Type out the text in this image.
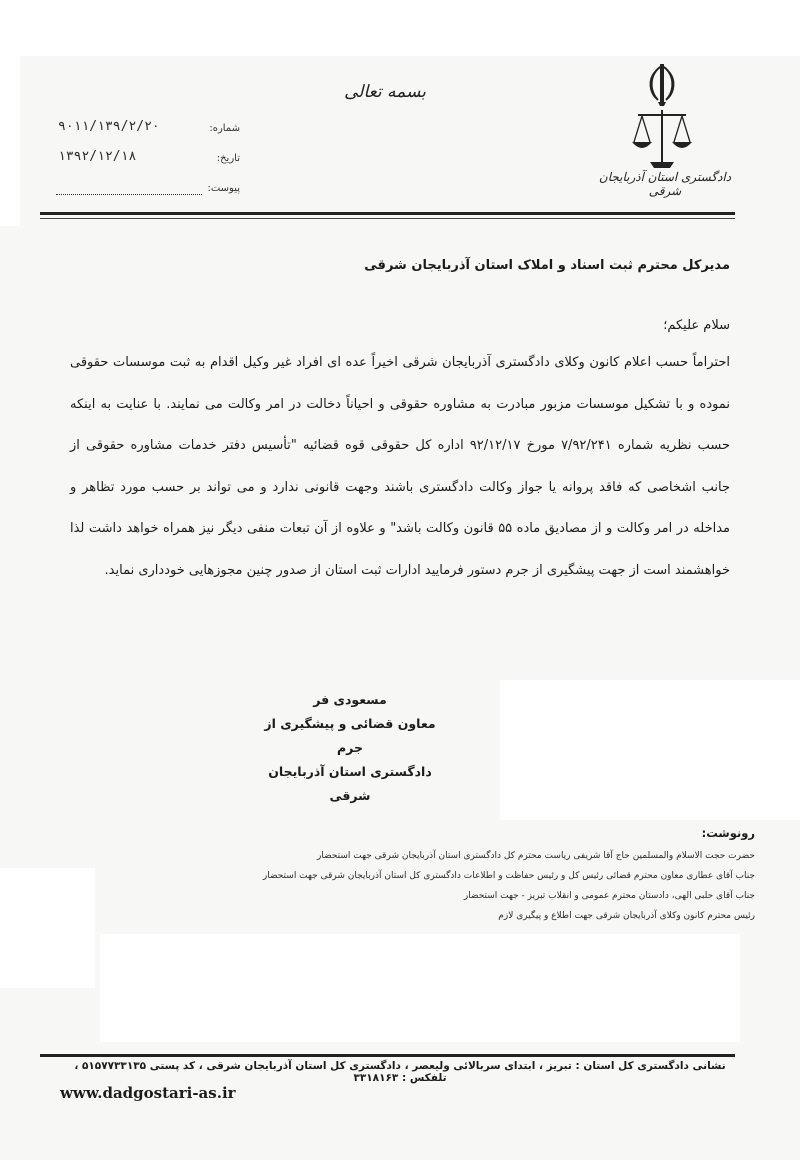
بسمه تعالی
دادگستری استان آذربایجان شرقی
۹۰۱۱/۱۳۹/۲/۲۰	شماره:
۱۳۹۲/۱۲/۱۸	تاریخ:
پیوست:
مدیرکل محترم ثبت اسناد و املاک استان آذربایجان شرقی
سلام علیکم؛
احتراماً حسب اعلام کانون وکلای دادگستری آذربایجان شرقی اخیراً عده ای افراد غیر وکیل اقدام به ثبت موسسات حقوقی نموده و با تشکیل موسسات مزبور مبادرت به مشاوره حقوقی و احیاناً دخالت در امر وکالت می نمایند. با عنایت به اینکه حسب نظریه شماره ۷/۹۲/۲۴۱ مورخ ۹۲/۱۲/۱۷ اداره کل حقوقی قوه قضائیه "تأسیس دفتر خدمات مشاوره حقوقی از جانب اشخاصی که فاقد پروانه یا جواز وکالت دادگستری باشند وجهت قانونی ندارد و می تواند بر حسب مورد تظاهر و مداخله در امر وکالت و از مصادیق ماده ۵۵ قانون وکالت باشد" و علاوه از آن تبعات منفی دیگر نیز همراه خواهد داشت لذا خواهشمند است از جهت پیشگیری از جرم دستور فرمایید ادارات ثبت استان از صدور چنین مجوزهایی خودداری نماید.
مسعودی فر
معاون قضائی و پیشگیری از جرم
دادگستری استان آذربایجان شرقی
رونوشت:
حضرت حجت الاسلام والمسلمین حاج آقا شریفی ریاست محترم کل دادگستری استان آذربایجان شرقی جهت استحضار
جناب آقای عطاری معاون محترم قضائی رئیس کل و رئیس حفاظت و اطلاعات دادگستری کل استان آذربایجان شرقی جهت استحضار
جناب آقای حلبی الهی، دادستان محترم عمومی و انقلاب تبریز - جهت استحضار
رئیس محترم کانون وکلای آذربایجان شرقی جهت اطلاع و پیگیری لازم
نشانی دادگستری کل استان : تبریز ، ابتدای سربالائی ولیعصر ، دادگستری کل استان آذربایجان شرقی ، کد پستی ۵۱۵۷۷۳۳۱۳۵ ، تلفکس : ۳۳۱۸۱۶۳
www.dadgostari-as.ir
